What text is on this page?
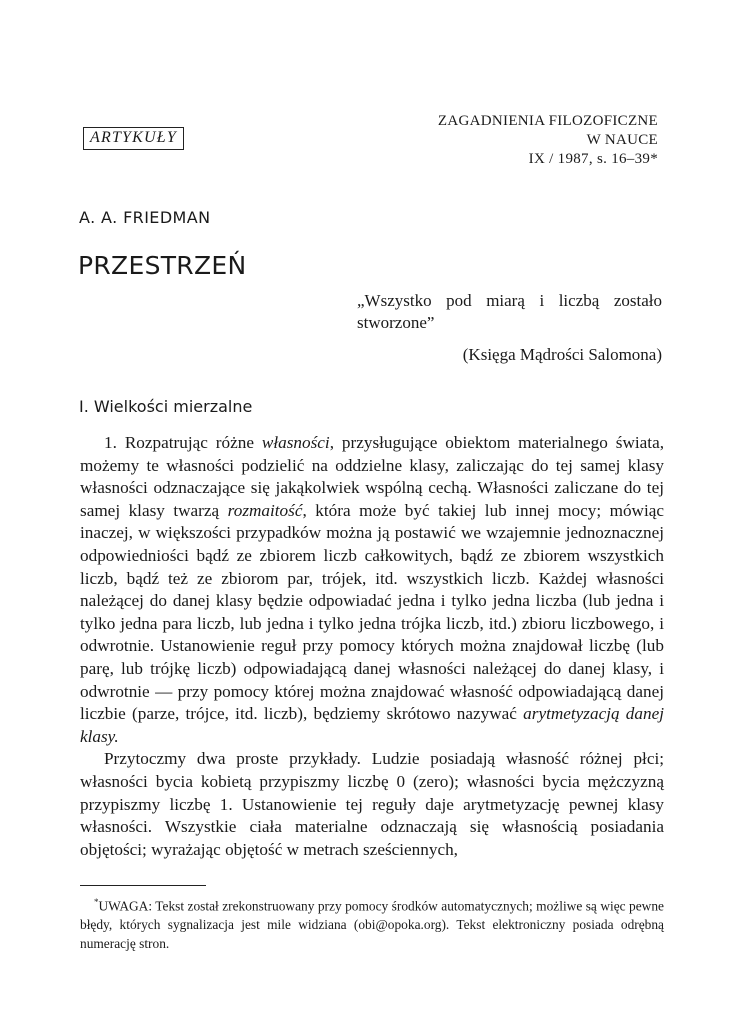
ZAGADNIENIA FILOZOFICZNE
W NAUCE
IX / 1987, s. 16–39*
ARTYKUŁY
A. A. FRIEDMAN
PRZESTRZEŃ
„Wszystko pod miarą i liczbą zostało stworzone”
(Księga Mądrości Salomona)
I. Wielkości mierzalne

1. Rozpatrując różne własności, przysługujące obiektom materialnego świata, możemy te własności podzielić na oddzielne klasy, zaliczając do tej samej klasy własności odznaczające się jakąkolwiek wspólną cechą. Własności zaliczane do tej samej klasy twarzą rozmaitość, która może być takiej lub innej mocy; mówiąc inaczej, w większości przypadków można ją postawić we wzajemnie jednoznacznej odpowiedniości bądź ze zbiorem liczb całkowitych, bądź ze zbiorem wszystkich liczb, bądź też ze zbiorom par, trójek, itd. wszystkich liczb. Każdej własności należącej do danej klasy będzie odpowiadać jedna i tylko jedna liczba (lub jedna i tylko jedna para liczb, lub jedna i tylko jedna trójka liczb, itd.) zbioru liczbowego, i odwrotnie. Ustanowienie reguł przy pomocy których można znajdował liczbę (lub parę, lub trójkę liczb) odpowiadającą danej własności należącej do danej klasy, i odwrotnie — przy pomocy której można znajdować własność odpowiadającą danej liczbie (parze, trójce, itd. liczb), będziemy skrótowo nazywać arytmetyzacją danej klasy.

Przytoczmy dwa proste przykłady. Ludzie posiadają własność różnej płci; własności bycia kobietą przypiszmy liczbę 0 (zero); własności bycia mężczyzną przypiszmy liczbę 1. Ustanowienie tej reguły daje arytmetyzację pewnej klasy własności. Wszystkie ciała materialne odznaczają się własnością posiadania objętości; wyrażając objętość w metrach sześciennych,

*UWAGA: Tekst został zrekonstruowany przy pomocy środków automatycznych; możliwe są więc pewne błędy, których sygnalizacja jest mile widziana (obi@opoka.org). Tekst elektroniczny posiada odrębną numerację stron.
